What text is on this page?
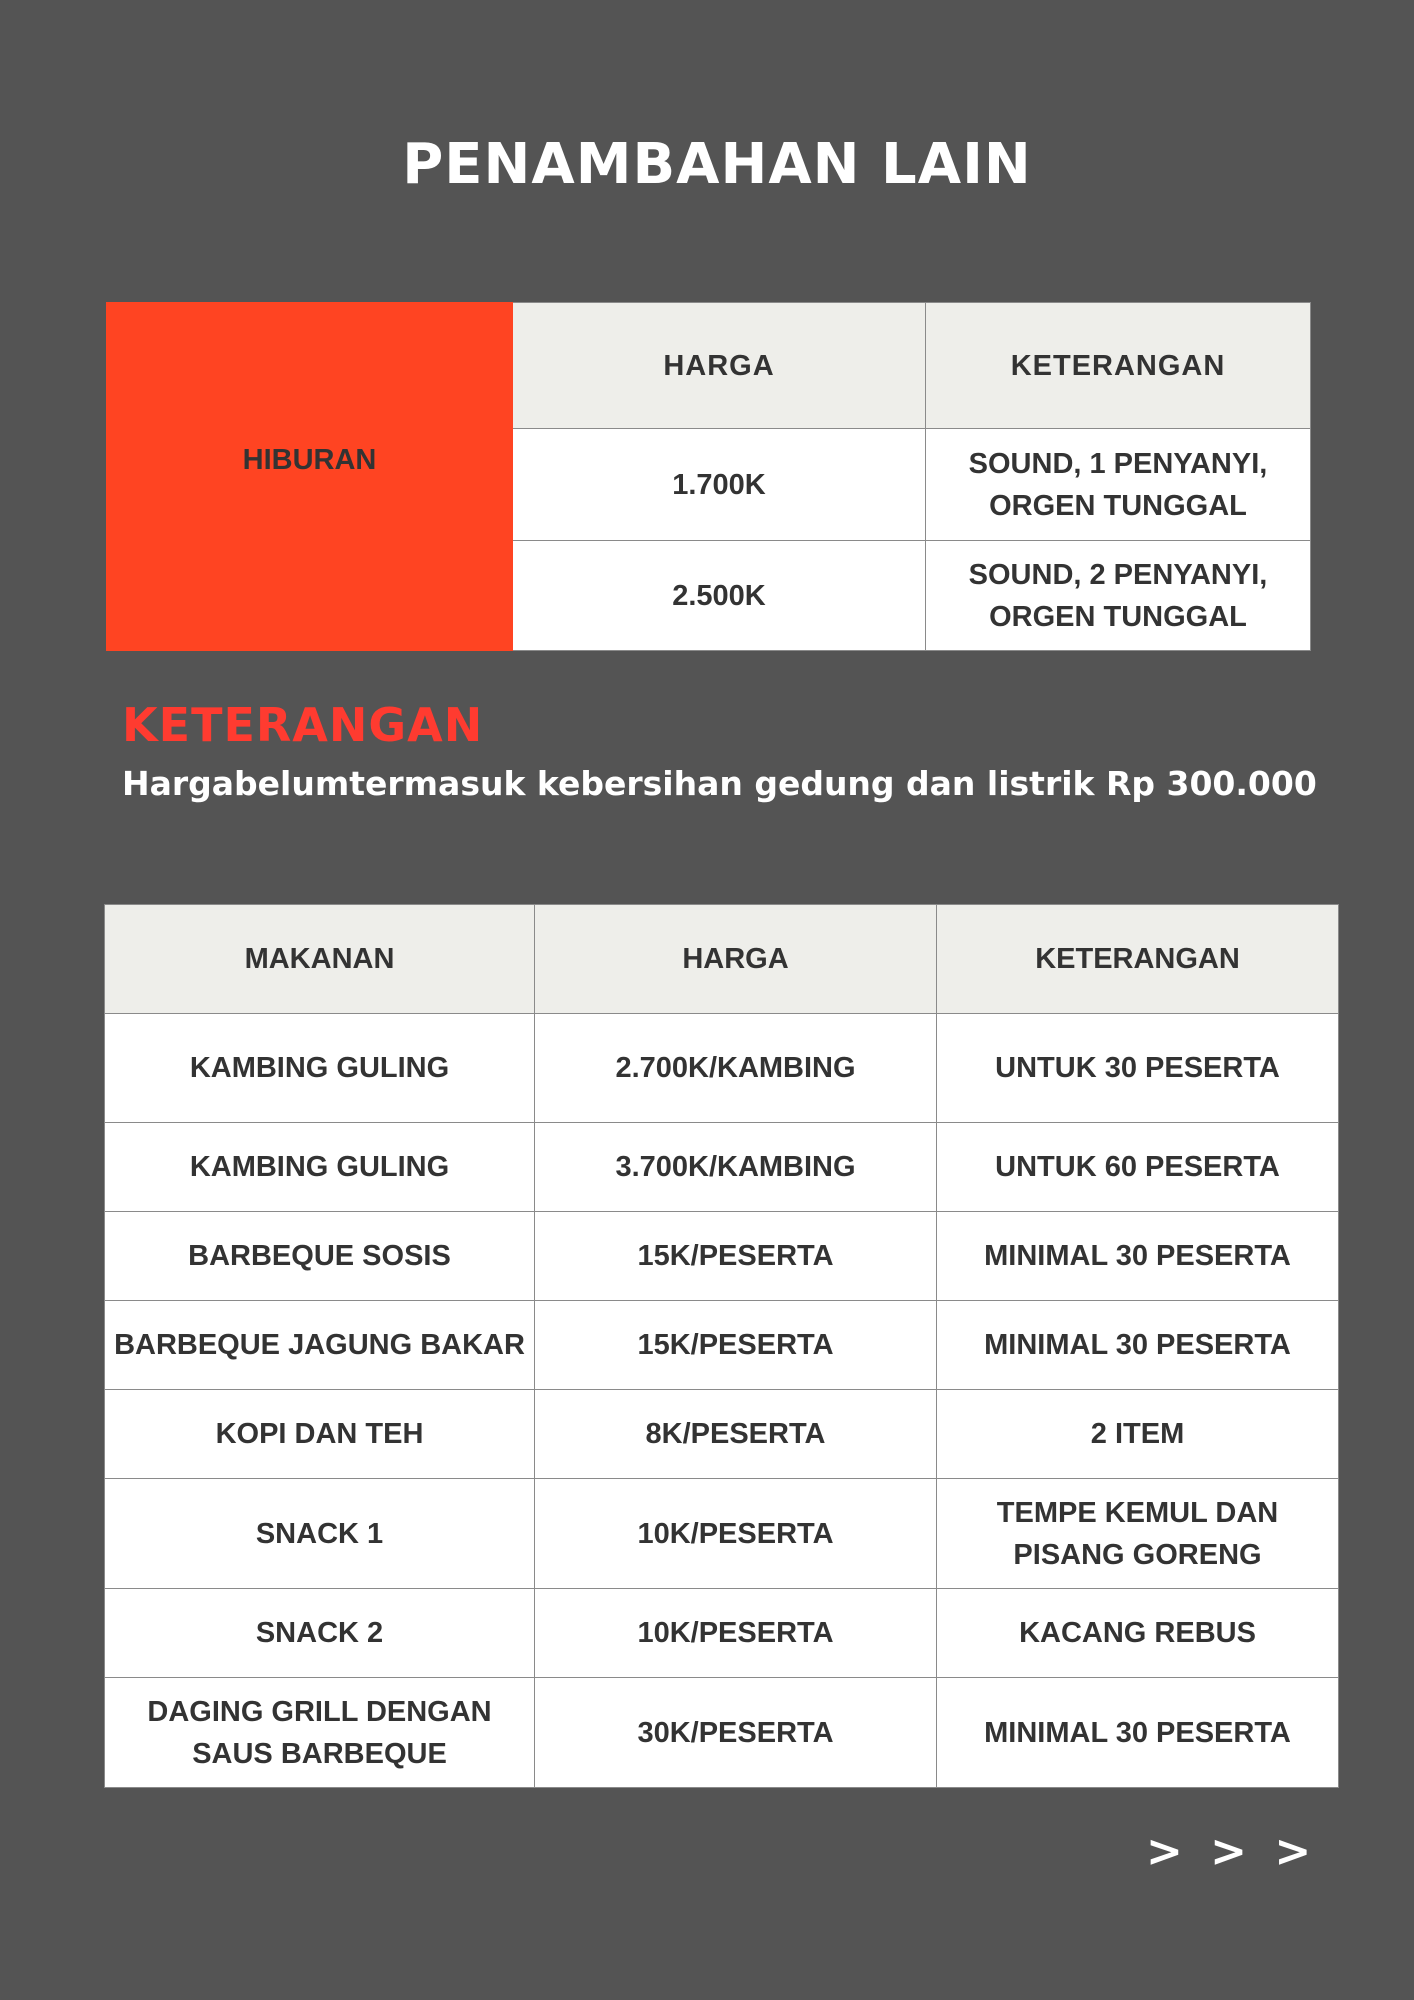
PENAMBAHAN LAIN
HIBURAN	HARGA	KETERANGAN
	1.700K	SOUND, 1 PENYANYI,
ORGEN TUNGGAL

	2.500K	SOUND, 2 PENYANYI,
ORGEN TUNGGAL
KETERANGAN

Hargabelumtermasuk kebersihan gedung dan listrik Rp 300.000

MAKANAN	HARGA	KETERANGAN
KAMBING GULING	2.700K/KAMBING	UNTUK 30 PESERTA
KAMBING GULING	3.700K/KAMBING	UNTUK 60 PESERTA
BARBEQUE SOSIS	15K/PESERTA	MINIMAL 30 PESERTA
BARBEQUE JAGUNG BAKAR	15K/PESERTA	MINIMAL 30 PESERTA
KOPI DAN TEH	8K/PESERTA	2 ITEM
SNACK 1	10K/PESERTA	TEMPE KEMUL DAN
PISANG GORENG

SNACK 2	10K/PESERTA	KACANG REBUS

DAGING GRILL DENGAN
SAUS BARBEQUE	30K/PESERTA	MINIMAL 30 PESERTA
> > >
